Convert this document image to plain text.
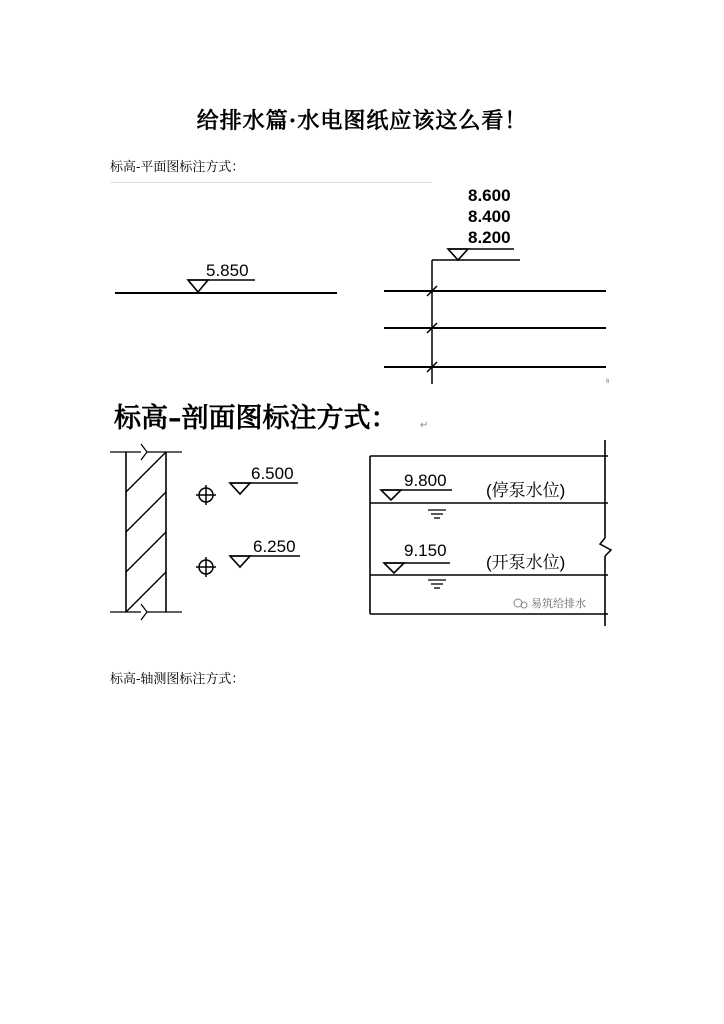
给排水篇·水电图纸应该这么看！
标高-平面图标注方式：
5.850
8.600
8.400
8.200
6
标高–剖面图标注方式： ↵
6.500
6.250
9.800
(停泵水位)
9.150
(开泵水位)
易筑给排水
标高-轴测图标注方式：
